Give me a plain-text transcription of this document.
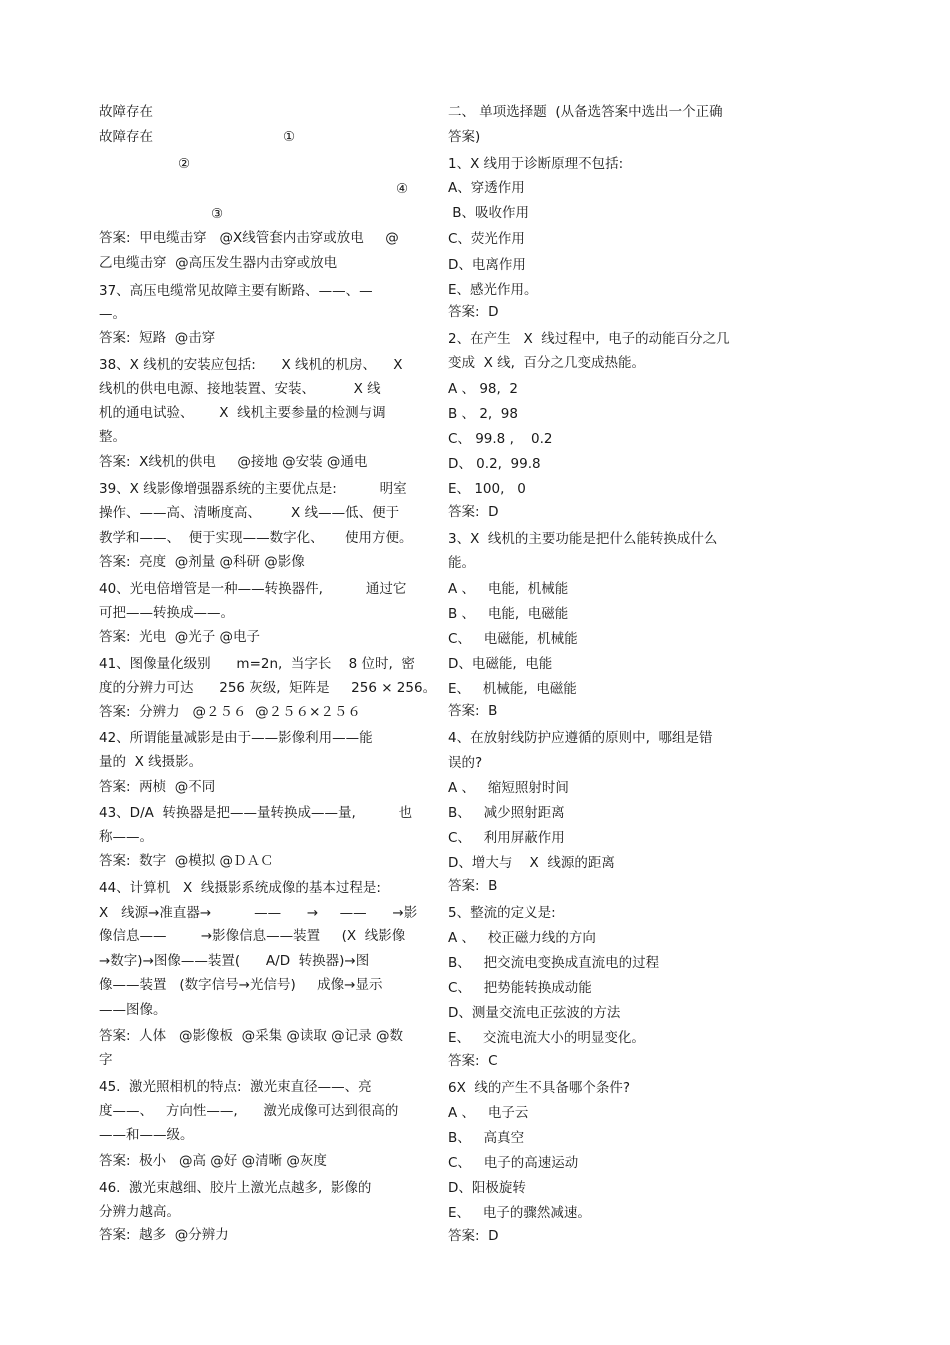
故障存在
故障存在	①
②
④
③
答案:  甲电缆击穿   @X线管套内击穿或放电     @
乙电缆击穿  @高压发生器内击穿或放电
37、高压电缆常见故障主要有断路、——、—
—。
答案:  短路  @击穿
38、X 线机的安装应包括:      X 线机的机房、    X
线机的供电电源、接地装置、安装、         X 线
机的通电试验、      X  线机主要参量的检测与调
整。
答案:  X线机的供电     @接地 @安装 @通电
39、X 线影像增强器系统的主要优点是:          明室
操作、——高、清晰度高、       X 线——低、便于
教学和——、  便于实现——数字化、     使用方便。
答案:  亮度  @剂量 @科研 @影像
40、光电倍增管是一种——转换器件,          通过它
可把——转换成——。
答案:  光电  @光子 @电子
41、图像量化级别      m=2n,  当字长    8 位时,  密
度的分辨力可达      256 灰级,  矩阵是     256 × 256。
答案:  分辨力   @２５６  @２５６×２５６
42、所谓能量减影是由于——影像利用——能
量的  X 线摄影。
答案:  两桢  @不同
43、D/A  转换器是把——量转换成——量,          也
称——。
答案:  数字  @模拟 @ＤＡＣ
44、计算机   X  线摄影系统成像的基本过程是:
X   线源→准直器→          ——      →     ——      →影
像信息——        →影像信息——装置     (X  线影像
→数字)→图像——装置(      A/D  转换器)→图
像——装置   (数字信号→光信号)     成像→显示
——图像。
答案:  人体   @影像板  @采集 @读取 @记录 @数
字
45.  激光照相机的特点:  激光束直径——、亮
度——、   方向性——,      激光成像可达到很高的
——和——级。
答案:  极小   @高 @好 @清晰 @灰度
46.  激光束越细、胶片上激光点越多,  影像的
分辨力越高。
答案:  越多  @分辨力
二、 单项选择题  (从备选答案中选出一个正确
答案)
1、X 线用于诊断原理不包括:
A、穿透作用
B、吸收作用
C、荧光作用
D、电离作用
E、感光作用。
答案:  D
2、在产生   X  线过程中,  电子的动能百分之几
变成  X 线,  百分之几变成热能。
A 、 98,  2
B 、 2,  98
C、 99.8 ,    0.2
D、 0.2,  99.8
E、 100,   0
答案:  D
3、X  线机的主要功能是把什么能转换成什么
能。
A 、   电能,  机械能
B 、   电能,  电磁能
C、   电磁能,  机械能
D、电磁能,  电能
E、   机械能,  电磁能
答案:  B
4、在放射线防护应遵循的原则中,  哪组是错
误的?
A 、   缩短照射时间
B、   减少照射距离
C、   利用屏蔽作用
D、增大与    X  线源的距离
答案:  B
5、整流的定义是:
A 、   校正磁力线的方向
B、   把交流电变换成直流电的过程
C、   把势能转换成动能
D、测量交流电正弦波的方法
E、   交流电流大小的明显变化。
答案:  C
6X  线的产生不具备哪个条件?
A 、   电子云
B、   高真空
C、   电子的高速运动
D、阳极旋转
E、   电子的骤然减速。
答案:  D
